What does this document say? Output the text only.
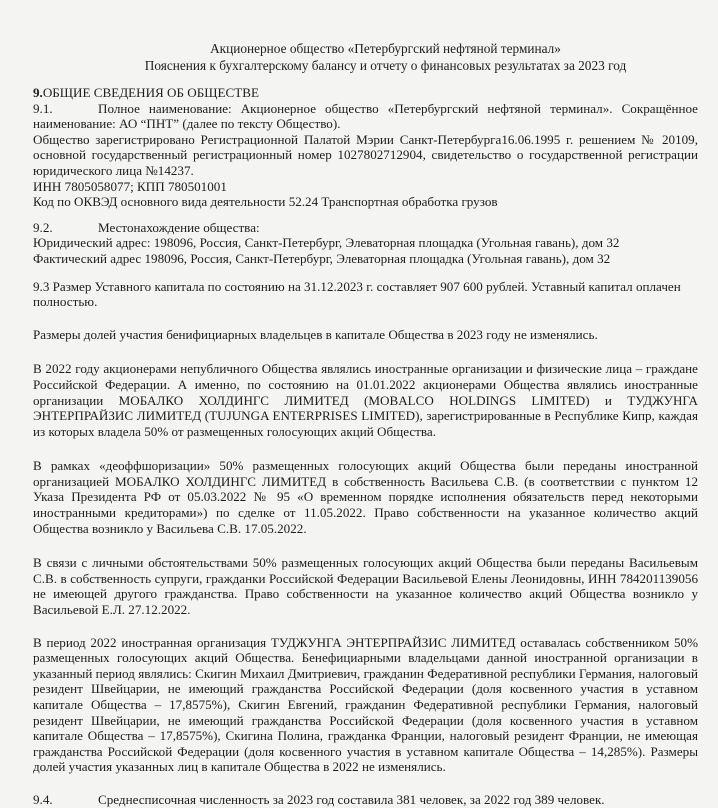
Акционерное общество «Петербургский нефтяной терминал»
Пояснения к бухгалтерскому балансу и отчету о финансовых результатах за 2023 год

9.ОБЩИЕ СВЕДЕНИЯ ОБ ОБЩЕСТВЕ

9.1.	Полное наименование: Акционерное общество «Петербургский нефтяной терминал». Сокращённое наименование: АО “ПНТ” (далее по тексту Общество).

Общество зарегистрировано Регистрационной Палатой Мэрии Санкт-Петербурга16.06.1995 г. решением № 20109, основной государственный регистрационный номер 1027802712904, свидетельство о государственной регистрации юридического лица №14237.

ИНН 7805058077; КПП 780501001

Код по ОКВЭД основного вида деятельности 52.24 Транспортная обработка грузов

9.2.	Местонахождение общества:

Юридический адрес: 198096, Россия, Санкт-Петербург, Элеваторная площадка (Угольная гавань), дом 32

Фактический адрес 198096, Россия, Санкт-Петербург, Элеваторная площадка (Угольная гавань), дом 32

9.3 Размер Уставного капитала по состоянию на 31.12.2023 г. составляет 907 600 рублей. Уставный капитал оплачен полностью.

Размеры долей участия бенифициарных владельцев в капитале Общества в 2023 году не изменялись.

В 2022 году акционерами непубличного Общества являлись иностранные организации и физические лица – граждане Российской Федерации. А именно, по состоянию на 01.01.2022 акционерами Общества являлись иностранные организации МОБАЛКО ХОЛДИНГС ЛИМИТЕД (MOBALCO HOLDINGS LIMITED) и ТУДЖУНГА ЭНТЕРПРАЙЗИС ЛИМИТЕД (TUJUNGA ENTERPRISES LIMITED), зарегистрированные в Республике Кипр, каждая из которых владела 50% от размещенных голосующих акций Общества.

В рамках «деоффшоризации» 50% размещенных голосующих акций Общества были переданы иностранной организацией МОБАЛКО ХОЛДИНГС ЛИМИТЕД в собственность Васильева С.В. (в соответствии с пунктом 12 Указа Президента РФ от 05.03.2022 № 95 «О временном порядке исполнения обязательств перед некоторыми иностранными кредиторами») по сделке от 11.05.2022. Право собственности на указанное количество акций Общества возникло у Васильева С.В. 17.05.2022.

В связи с личными обстоятельствами 50% размещенных голосующих акций Общества были переданы Васильевым С.В. в собственность супруги, гражданки Российской Федерации Васильевой Елены Леонидовны, ИНН 784201139056 не имеющей другого гражданства. Право собственности на указанное количество акций Общества возникло у Васильевой Е.Л. 27.12.2022.

В период 2022 иностранная организация ТУДЖУНГА ЭНТЕРПРАЙЗИС ЛИМИТЕД оставалась собственником 50% размещенных голосующих акций Общества. Бенефициарными владельцами данной иностранной организации в указанный период являлись: Скигин Михаил Дмитриевич, гражданин Федеративной республики Германия, налоговый резидент Швейцарии, не имеющий гражданства Российской Федерации (доля косвенного участия в уставном капитале Общества – 17,8575%), Скигин Евгений, гражданин Федеративной республики Германия, налоговый резидент Швейцарии, не имеющий гражданства Российской Федерации (доля косвенного участия в уставном капитале Общества – 17,8575%), Скигина Полина, гражданка Франции, налоговый резидент Франции, не имеющая гражданства Российской Федерации (доля косвенного участия в уставном капитале Общества – 14,285%). Размеры долей участия указанных лиц в капитале Общества в 2022 не изменялись.

9.4.	Среднесписочная численность за 2023 год составила 381 человек, за 2022 год 389 человек.
